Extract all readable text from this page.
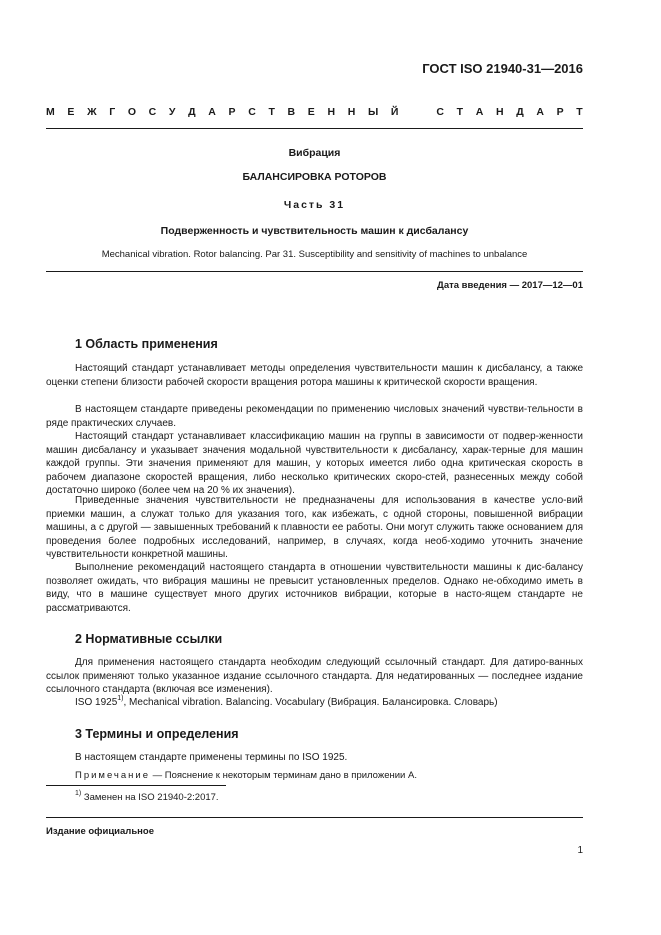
ГОСТ ISO 21940-31—2016
М Е Ж Г О С У Д А Р С Т В Е Н Н Ы Й	С Т А Н Д А Р Т
Вибрация
БАЛАНСИРОВКА РОТОРОВ
Часть 31
Подверженность и чувствительность машин к дисбалансу
Mechanical vibration. Rotor balancing. Par 31. Susceptibility and sensitivity of machines to unbalance
Дата введения — 2017—12—01
1 Область применения

Настоящий стандарт устанавливает методы определения чувствительности машин к дисбалансу, а также оценки степени близости рабочей скорости вращения ротора машины к критической скорости вращения.

В настоящем стандарте приведены рекомендации по применению числовых значений чувстви-тельности в ряде практических случаев.

Настоящий стандарт устанавливает классификацию машин на группы в зависимости от подвер-женности машин дисбалансу и указывает значения модальной чувствительности к дисбалансу, харак-терные для машин каждой группы. Эти значения применяют для машин, у которых имеется либо одна критическая скорость в рабочем диапазоне скоростей вращения, либо несколько критических скоро-стей, разнесенных между собой достаточно широко (более чем на 20 % их значения).

Приведенные значения чувствительности не предназначены для использования в качестве усло-вий приемки машин, а служат только для указания того, как избежать, с одной стороны, повышенной вибрации машины, а с другой — завышенных требований к плавности ее работы. Они могут служить также основанием для проведения более подробных исследований, например, в случаях, когда необ-ходимо уточнить значение чувствительности конкретной машины.

Выполнение рекомендаций настоящего стандарта в отношении чувствительности машины к дис-балансу позволяет ожидать, что вибрация машины не превысит установленных пределов. Однако не-обходимо иметь в виду, что в машине существует много других источников вибрации, которые в насто-ящем стандарте не рассматриваются.

2 Нормативные ссылки

Для применения настоящего стандарта необходим следующий ссылочный стандарт. Для датиро-ванных ссылок применяют только указанное издание ссылочного стандарта. Для недатированных — последнее издание ссылочного стандарта (включая все изменения).

ISO 1925$^{1)}$, Mechanical vibration. Balancing. Vocabulary (Вибрация. Балансировка. Словарь)
3 Термины и определения
В настоящем стандарте применены термины по ISO 1925.
Примечание — Пояснение к некоторым терминам дано в приложении А.
$^{1)}$ Заменен на ISO 21940-2:2017.
Издание официальное
1
